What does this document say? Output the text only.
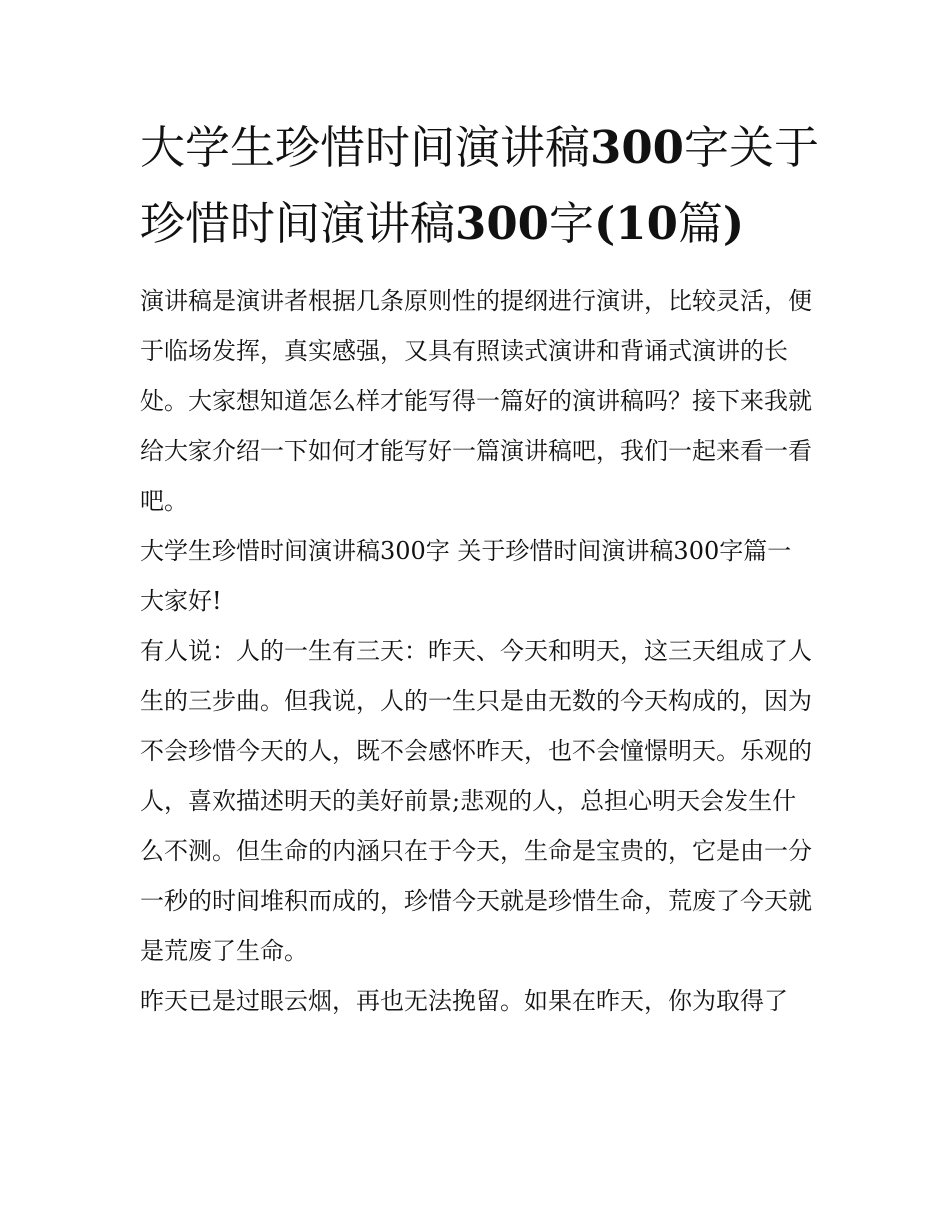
大学生珍惜时间演讲稿300字关于珍惜时间演讲稿300字(10篇)

演讲稿是演讲者根据几条原则性的提纲进行演讲，比较灵活，便于临场发挥，真实感强，又具有照读式演讲和背诵式演讲的长处。大家想知道怎么样才能写得一篇好的演讲稿吗？接下来我就给大家介绍一下如何才能写好一篇演讲稿吧，我们一起来看一看吧。

大学生珍惜时间演讲稿300字 关于珍惜时间演讲稿300字篇一 大家好!

有人说：人的一生有三天：昨天、今天和明天，这三天组成了人生的三步曲。但我说，人的一生只是由无数的今天构成的，因为不会珍惜今天的人，既不会感怀昨天，也不会憧憬明天。乐观的人，喜欢描述明天的美好前景;悲观的人，总担心明天会发生什么不测。但生命的内涵只在于今天，生命是宝贵的，它是由一分一秒的时间堆积而成的，珍惜今天就是珍惜生命，荒废了今天就是荒废了生命。

昨天已是过眼云烟，再也无法挽留。如果在昨天，你为取得了
